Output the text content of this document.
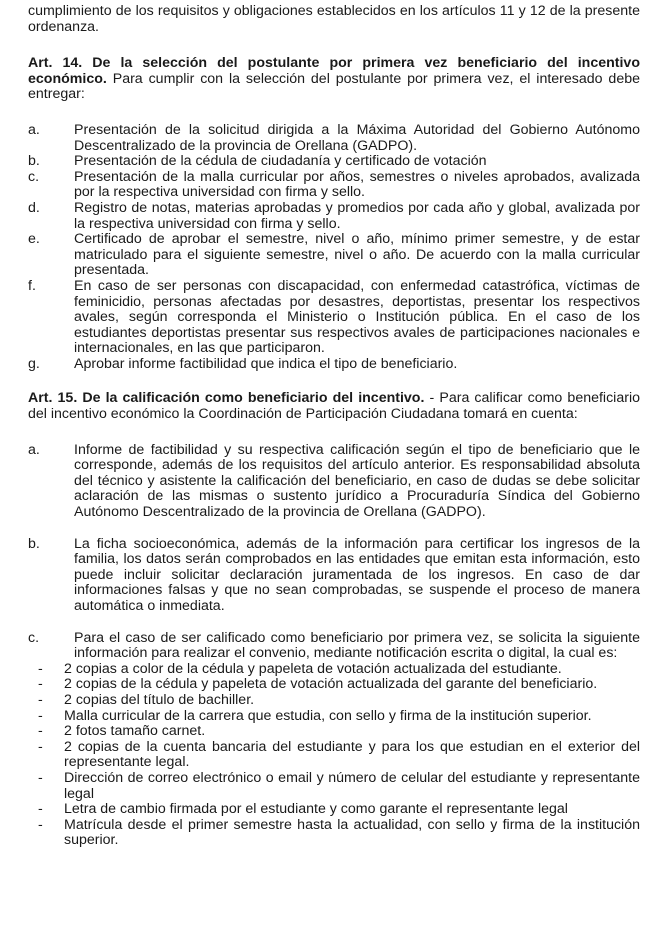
cumplimiento de los requisitos y obligaciones establecidos en los artículos 11 y 12 de la presente ordenanza.

Art. 14. De la selección del postulante por primera vez beneficiario del incentivo económico. Para cumplir con la selección del postulante por primera vez, el interesado debe entregar:

a.	Presentación de la solicitud dirigida a la Máxima Autoridad del Gobierno Autónomo Descentralizado de la provincia de Orellana (GADPO).
b.	Presentación de la cédula de ciudadanía y certificado de votación
c.	Presentación de la malla curricular por años, semestres o niveles aprobados, avalizada por la respectiva universidad con firma y sello.
d.	Registro de notas, materias aprobadas y promedios por cada año y global, avalizada por la respectiva universidad con firma y sello.
e.	Certificado de aprobar el semestre, nivel o año, mínimo primer semestre, y de estar matriculado para el siguiente semestre, nivel o año. De acuerdo con la malla curricular presentada.
f.	En caso de ser personas con discapacidad, con enfermedad catastrófica, víctimas de feminicidio, personas afectadas por desastres, deportistas, presentar los respectivos avales, según corresponda el Ministerio o Institución pública. En el caso de los estudiantes deportistas presentar sus respectivos avales de participaciones nacionales e internacionales, en las que participaron.
g.	Aprobar informe factibilidad que indica el tipo de beneficiario.

Art. 15. De la calificación como beneficiario del incentivo. - Para calificar como beneficiario del incentivo económico la Coordinación de Participación Ciudadana tomará en cuenta:

a.	Informe de factibilidad y su respectiva calificación según el tipo de beneficiario que le corresponde, además de los requisitos del artículo anterior. Es responsabilidad absoluta del técnico y asistente la calificación del beneficiario, en caso de dudas se debe solicitar aclaración de las mismas o sustento jurídico a Procuraduría Síndica del Gobierno Autónomo Descentralizado de la provincia de Orellana (GADPO).
b.	La ficha socioeconómica, además de la información para certificar los ingresos de la familia, los datos serán comprobados en las entidades que emitan esta información, esto puede incluir solicitar declaración juramentada de los ingresos. En caso de dar informaciones falsas y que no sean comprobadas, se suspende el proceso de manera automática o inmediata.
c.	Para el caso de ser calificado como beneficiario por primera vez, se solicita la siguiente información para realizar el convenio, mediante notificación escrita o digital, la cual es:
-	2 copias a color de la cédula y papeleta de votación actualizada del estudiante.
-	2 copias de la cédula y papeleta de votación actualizada del garante del beneficiario.
-	2 copias del título de bachiller.
-	Malla curricular de la carrera que estudia, con sello y firma de la institución superior.
-	2 fotos tamaño carnet.
-	2 copias de la cuenta bancaria del estudiante y para los que estudian en el exterior del representante legal.
-	Dirección de correo electrónico o email y número de celular del estudiante y representante legal
-	Letra de cambio firmada por el estudiante y como garante el representante legal
-	Matrícula desde el primer semestre hasta la actualidad, con sello y firma de la institución superior.
